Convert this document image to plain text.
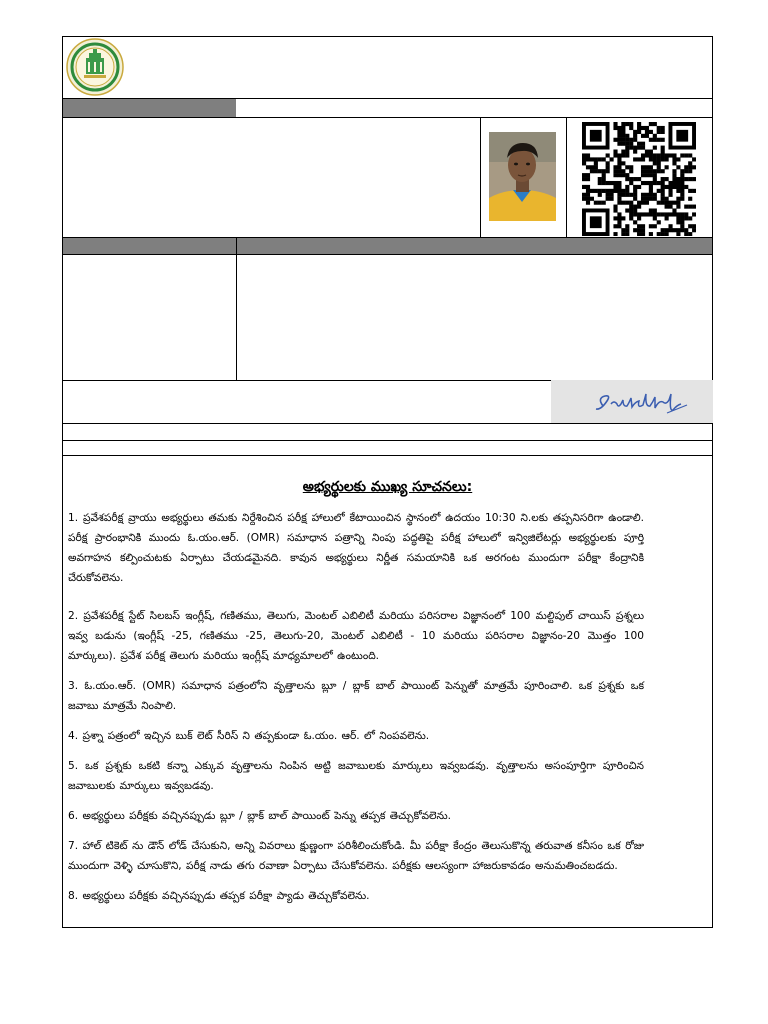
అభ్యర్థులకు ముఖ్య సూచనలు:

1. ప్రవేశపరీక్ష వ్రాయు అభ్యర్థులు తమకు నిర్దేశించిన పరీక్ష హాలులో కేటాయించిన స్థానంలో ఉదయం 10:30 ని.లకు తప్పనిసరిగా ఉండాలి. పరీక్ష ప్రారంభానికి ముందు ఓ.యం.ఆర్. (OMR) సమాధాన పత్రాన్ని నింపు పద్ధతిపై పరీక్ష హాలులో ఇన్విజిలేటర్లు అభ్యర్థులకు పూర్తి అవగాహన కల్పించుటకు ఏర్పాటు చేయడమైనది. కావున అభ్యర్థులు నిర్ణీత సమయానికి ఒక అరగంట ముందుగా పరీక్షా కేంద్రానికి చేరుకోవలెను.

2. ప్రవేశపరీక్ష స్టేట్ సిలబస్ ఇంగ్లీష్, గణితము, తెలుగు, మెంటల్ ఎబిలిటీ మరియు పరిసరాల విజ్ఞానంలో 100 మల్టిపుల్ చాయిస్ ప్రశ్నలు ఇవ్వ బడును (ఇంగ్లీష్ -25, గణితము -25, తెలుగు-20, మెంటల్ ఎబిలిటీ - 10 మరియు పరిసరాల విజ్ఞానం-20 మొత్తం 100 మార్కులు). ప్రవేశ పరీక్ష తెలుగు మరియు ఇంగ్లీష్ మాధ్యమాలలో ఉంటుంది.

3. ఓ.యం.ఆర్. (OMR) సమాధాన పత్రంలోని వృత్తాలను బ్లూ / బ్లాక్ బాల్ పాయింట్ పెన్నుతో మాత్రమే పూరించాలి. ఒక ప్రశ్నకు ఒక జవాబు మాత్రమే నింపాలి.

4. ప్రశ్నా పత్రంలో ఇచ్చిన బుక్ లెట్ సీరిస్ ని తప్పకుండా ఓ.యం. ఆర్. లో నింపవలెను.

5. ఒక ప్రశ్నకు ఒకటి కన్నా ఎక్కువ వృత్తాలను నింపిన అట్టి జవాబులకు మార్కులు ఇవ్వబడవు. వృత్తాలను అసంపూర్తిగా పూరించిన జవాబులకు మార్కులు ఇవ్వబడవు.

6. అభ్యర్థులు పరీక్షకు వచ్చినప్పుడు బ్లూ / బ్లాక్ బాల్ పాయింట్ పెన్ను తప్పక తెచ్చుకోవలెను.

7. హాల్ టికెట్ ను డౌన్ లోడ్ చేసుకుని, అన్ని వివరాలు క్షుణ్ణంగా పరిశీలించుకోండి. మీ పరీక్షా కేంద్రం తెలుసుకొన్న తరువాత కనీసం ఒక రోజు ముందుగా వెళ్ళి చూసుకొని, పరీక్ష నాడు తగు రవాణా ఏర్పాటు చేసుకోవలెను. పరీక్షకు ఆలస్యంగా హాజరుకావడం అనుమతించబడదు.

8. అభ్యర్థులు పరీక్షకు వచ్చినప్పుడు తప్పక పరీక్షా ప్యాడు తెచ్చుకోవలెను.
